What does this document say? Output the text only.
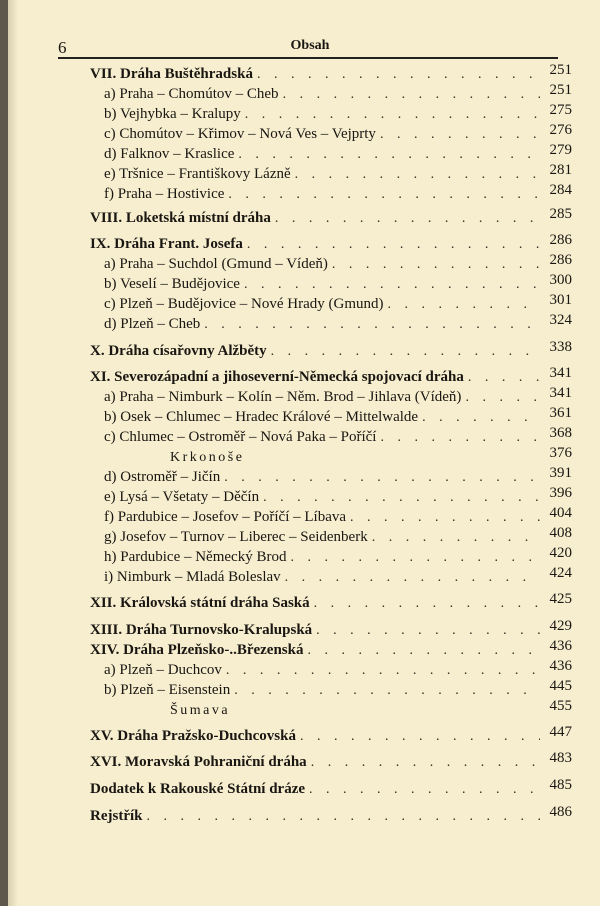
6	Obsah
VII. Dráha Buštěhradská . . .	251
a) Praha – Chomútov – Cheb . . .	251
b) Vejhybka – Kralupy . . .	275
c) Chomútov – Křimov – Nová Ves – Vejprty . . .	276
d) Falknov – Kraslice . . .	279
e) Tršnice – Františkovy Lázně . . .	281
f) Praha – Hostivice . . .	284
VIII. Loketská místní dráha . . .	285
IX. Dráha Frant. Josefa . . .	286
a) Praha – Suchdol (Gmund – Vídeň) . . .	286
b) Veselí – Budějovice . . .	300
c) Plzeň – Budějovice – Nové Hrady (Gmund) . . .	301
d) Plzeň – Cheb . . .	324
X. Dráha císařovny Alžběty . . .	338
XI. Severozápadní a jihoseverní-Německá spojovací dráha . . .	341
a) Praha – Nimburk – Kolín – Něm. Brod – Jihlava (Vídeň) . . .	341
b) Osek – Chlumec – Hradec Králové – Mittelwalde . . .	361
c) Chlumec – Ostroměř – Nová Paka – Poříčí . . .	368
Krkonoše	376
d) Ostroměř – Jičín . . .	391
e) Lysá – Všetaty – Děčín . . .	396
f) Pardubice – Josefov – Poříčí – Líbava . . .	404
g) Josefov – Turnov – Liberec – Seidenberk . . .	408
h) Pardubice – Německý Brod . . .	420
i) Nimburk – Mladá Boleslav . . .	424
XII. Královská státní dráha Saská . . .	425
XIII. Dráha Turnovsko-Kralupská . . .	429
XIV. Dráha Plzeňsko-..Březenská . . .	436
a) Plzeň – Duchcov . . .	436
b) Plzeň – Eisenstein . . .	445
Šumava	455
XV. Dráha Pražsko-Duchcovská . . .	447
XVI. Moravská Pohraniční dráha . . .	483
Dodatek k Rakouské Státní dráze . . .	485
Rejstřík . . .	486
